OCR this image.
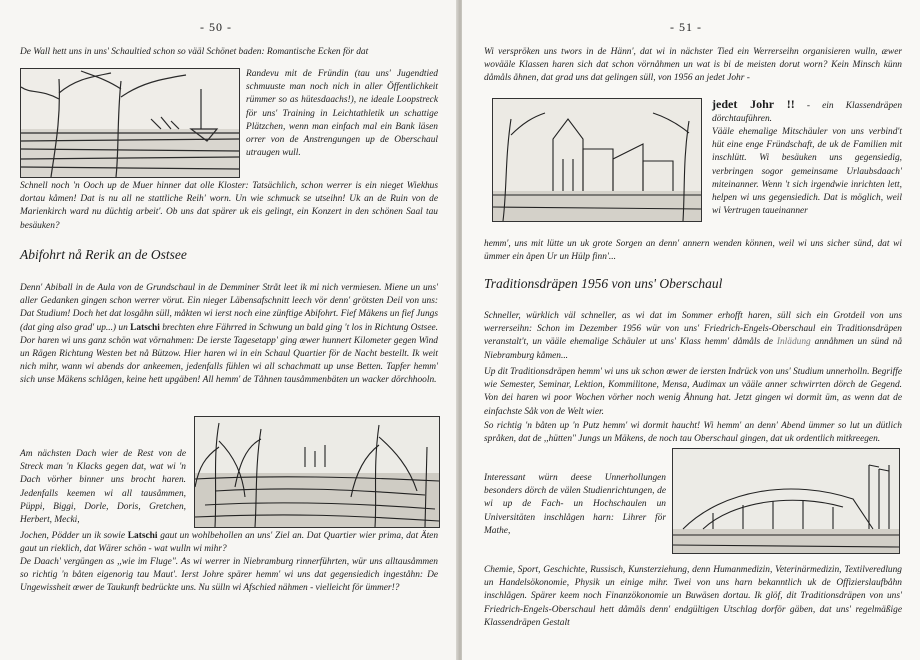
- 50 -
De Wall hett uns in uns' Schaultied schon so vääl Schönet baden: Romantische Ecken för dat
Randevu mit de Fründin (tau uns' Jugendtied schmuuste man noch nich in aller Öffentlichkeit rümmer so as hütesdaachs!), ne ideale Loopstreck för uns' Training in Leichtathletik un schattige Plätzchen, wenn man einfach mal ein Bank läsen orrer von de Anstrengungen up de Oberschaul utraugen wull.
Schnell noch 'n Ooch up de Muer hinner dat olle Kloster: Tatsächlich, schon werrer is ein nieget Wiekhus dortau kåmen! Dat is nu all ne stattliche Reih' worn. Un wie schmuck se utseihn! Uk an de Ruin von de Marienkirch ward nu düchtig arbeit'. Ob uns dat spärer uk eis gelingt, ein Konzert in den schönen Saal tau besäuken?
Abifohrt nå Rerik an de Ostsee
Denn' Abiball in de Aula von de Grundschaul in de Demminer Stråt leet ik mi nich vermiesen. Miene un uns' aller Gedanken gingen schon werrer vörut. Ein nieger Läbensafschnitt leech vör denn' grötsten Deil von uns: Dat Studium! Doch het dat losgåhn süll, måkten wi ierst noch eine zünftige Abifohrt. Fief Mäkens un fief Jungs (dat ging also grad' up...) un Latschi brechten ehre Fährred in Schwung un bald ging 't los in Richtung Ostsee. Dor haren wi uns ganz schön wat vörnahmen: De ierste Tagesetapp' ging œwer hunnert Kilometer gegen Wind un Rägen Richtung Westen bet nå Bützow. Hier haren wi in ein Schaul Quartier för de Nacht bestellt. Ik weit nich mihr, wann wi abends dor ankeemen, jedenfalls fühlen wi all schachmatt up unse Betten. Tapfer hemm' sich unse Mäkens schlågen, keine hett upgäben! All hemm' de Tåhnen tausåmmenbäten un wacker dörchhooln.
Am nächsten Dach wier de Rest von de Streck man 'n Klacks gegen dat, wat wi 'n Dach vörher binner uns brocht haren. Jedenfalls keemen wi all tausåmmen, Püppi, Biggi, Dorle, Doris, Gretchen, Herbert, Mecki,
Jochen, Pödder un ik sowie Latschi gaut un wohlbehollen an uns' Ziel an. Dat Quartier wier prima, dat Äten gaut un rieklich, dat Wärer schön - wat wulln wi mihr?
De Daach' vergüngen as ,,wie im Fluge". As wi werrer in Niebramburg rinnerführten, wür uns alltausåmmen so richtig 'n båten eigenorig tau Maut'. Ierst Johre spärer hemm' wi uns dat gegensiedich ingeståhn: De Ungewissheit œwer de Taukunft bedrückte uns. Nu sülln wi Afschied nähmen - vielleicht för ümmer!?
- 51 -
Wi verspröken uns twors in de Hänn', dat wi in nächster Tied ein Werrerseihn organisieren wulln, æwer wovääle Klassen haren sich dat schon vörnåhmen un wat is bi de meisten dorut worn? Kein Minsch künn dåmåls åhnen, dat grad uns dat gelingen süll, von 1956 an jedet Johr -
jedet Johr !! - ein Klassendräpen dörchtauführen.
Vääle ehemalige Mitschäuler von uns verbind't hüt eine enge Fründschaft, de uk de Familien mit inschlütt. Wi besäuken uns gegensiedig, verbringen sogor gemeinsame Urlaubsdaach' miteinanner. Wenn 't sich irgendwie inrichten lett, helpen wi uns gegensiedich. Dat is möglich, weil wi Vertrugen taueinanner
hemm', uns mit lütte un uk grote Sorgen an denn' annern wenden können, weil wi uns sicher sünd, dat wi ümmer ein åpen Ur un Hülp finn'...
Traditionsdräpen 1956 von uns' Oberschaul
Schneller, würklich väl schneller, as wi dat im Sommer erhofft haren, süll sich ein Grotdeil von uns werrerseihn: Schon im Dezember 1956 wür von uns' Friedrich-Engels-Oberschaul ein Traditionsdräpen veranstalt't, un vääle ehemalige Schäuler ut uns' Klass hemm' dåmåls de Inlädung annåhmen un sünd nå Niebramburg kåmen...
Up dit Traditionsdräpen hemm' wi uns uk schon œwer de iersten Indrück von uns' Studium unnerholln. Begriffe wie Semester, Seminar, Lektion, Kommilitone, Mensa, Audimax un vääle anner schwirrten dörch de Gegend. Von dei haren wi poor Wochen vörher noch wenig Åhnung hat. Jetzt gingen wi dormit üm, as wenn dat de einfachste Såk von de Welt wier.
So richtig 'n båten up 'n Putz hemm' wi dormit haucht! Wi hemm' an denn' Abend ümmer so lut un dütlich språken, dat de ,,hütten" Jungs un Mäkens, de noch tau Oberschaul gingen, dat uk ordentlich mitkreegen.
Interessant würn deese Unnerhollungen besonders dörch de välen Studienrichtungen, de wi up de Fach- un Hochschaulen un Universitäten inschlågen harn: Lihrer för Mathe,
Chemie, Sport, Geschichte, Russisch, Kunsterziehung, denn Humanmedizin, Veterinärmedizin, Textilveredlung un Handelsökonomie, Physik un einige mihr. Twei von uns harn bekanntlich uk de Offizierslaufbåhn inschlågen. Spärer keem noch Finanzökonomie un Buwäsen dortau. Ik glöf, dit Traditionsdräpen von uns' Friedrich-Engels-Oberschaul hett dåmåls denn' endgültigen Utschlag dorför gäben, dat uns' regelmäßige Klassendräpen Gestalt
